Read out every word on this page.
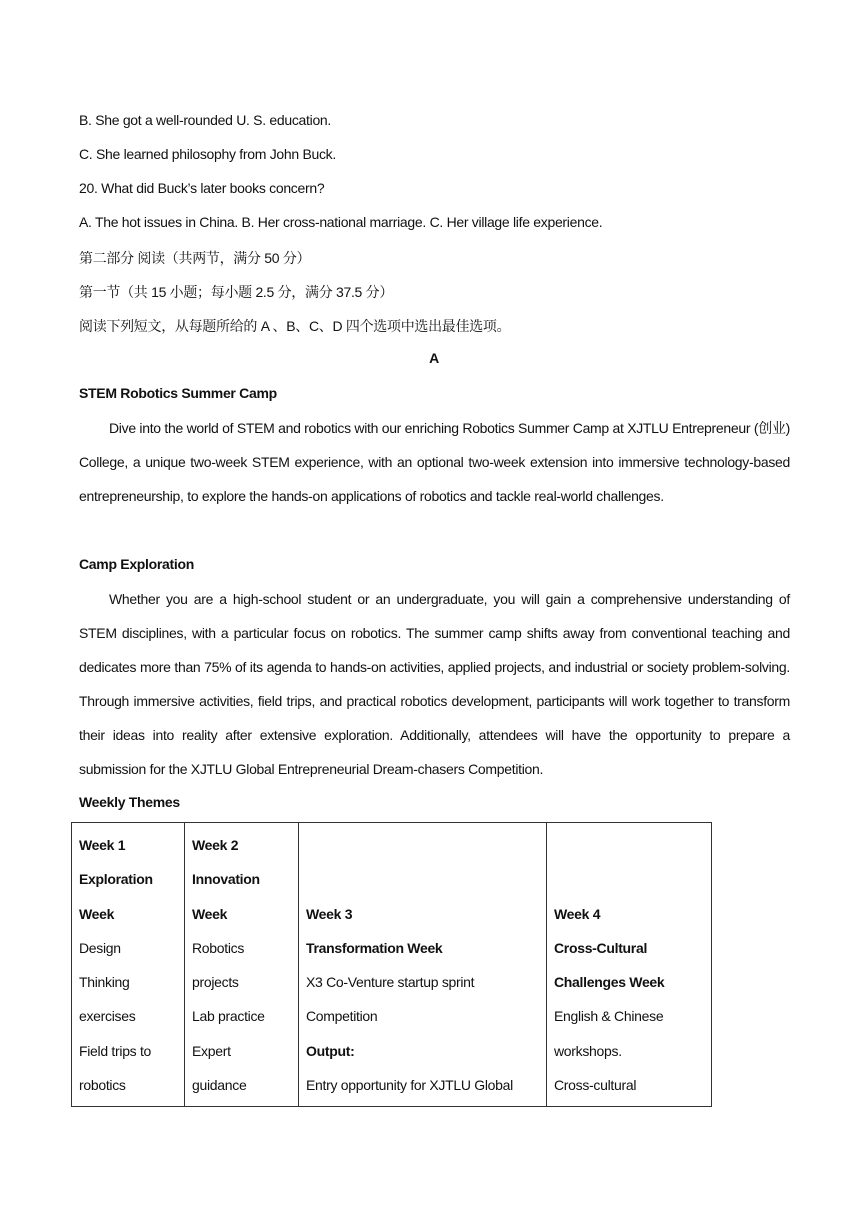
B. She got a well-rounded U. S. education.
C. She learned philosophy from John Buck.
20. What did Buck’s later books concern?
A. The hot issues in China. B. Her cross-national marriage. C. Her village life experience.
第二部分 阅读（共两节，满分 50 分）
第一节（共 15 小题；每小题 2.5 分，满分 37.5 分）
阅读下列短文，从每题所给的 A 、B、C、D 四个选项中选出最佳选项。
A
STEM Robotics Summer Camp

Dive into the world of STEM and robotics with our enriching Robotics Summer Camp at XJTLU Entrepreneur (创业) College, a unique two-week STEM experience, with an optional two-week extension into immersive technology-based entrepreneurship, to explore the hands-on applications of robotics and tackle real-world challenges.

Camp Exploration

Whether you are a high-school student or an undergraduate, you will gain a comprehensive understanding of STEM disciplines, with a particular focus on robotics. The summer camp shifts away from conventional teaching and dedicates more than 75% of its agenda to hands-on activities, applied projects, and industrial or society problem-solving. Through immersive activities, field trips, and practical robotics development, participants will work together to transform their ideas into reality after extensive exploration. Additionally, attendees will have the opportunity to prepare a submission for the XJTLU Global Entrepreneurial Dream-chasers Competition.

Weekly Themes
Week 1
Exploration
Week
Design
Thinking
exercises
Field trips to
robotics

Week 2
Innovation
Week
Robotics
projects
Lab practice
Expert
guidance

Week 3
Transformation Week
X3 Co-Venture startup sprint
Competition
Output:
Entry opportunity for XJTLU Global

Week 4
Cross-Cultural
Challenges Week
English & Chinese
workshops.
Cross-cultural
